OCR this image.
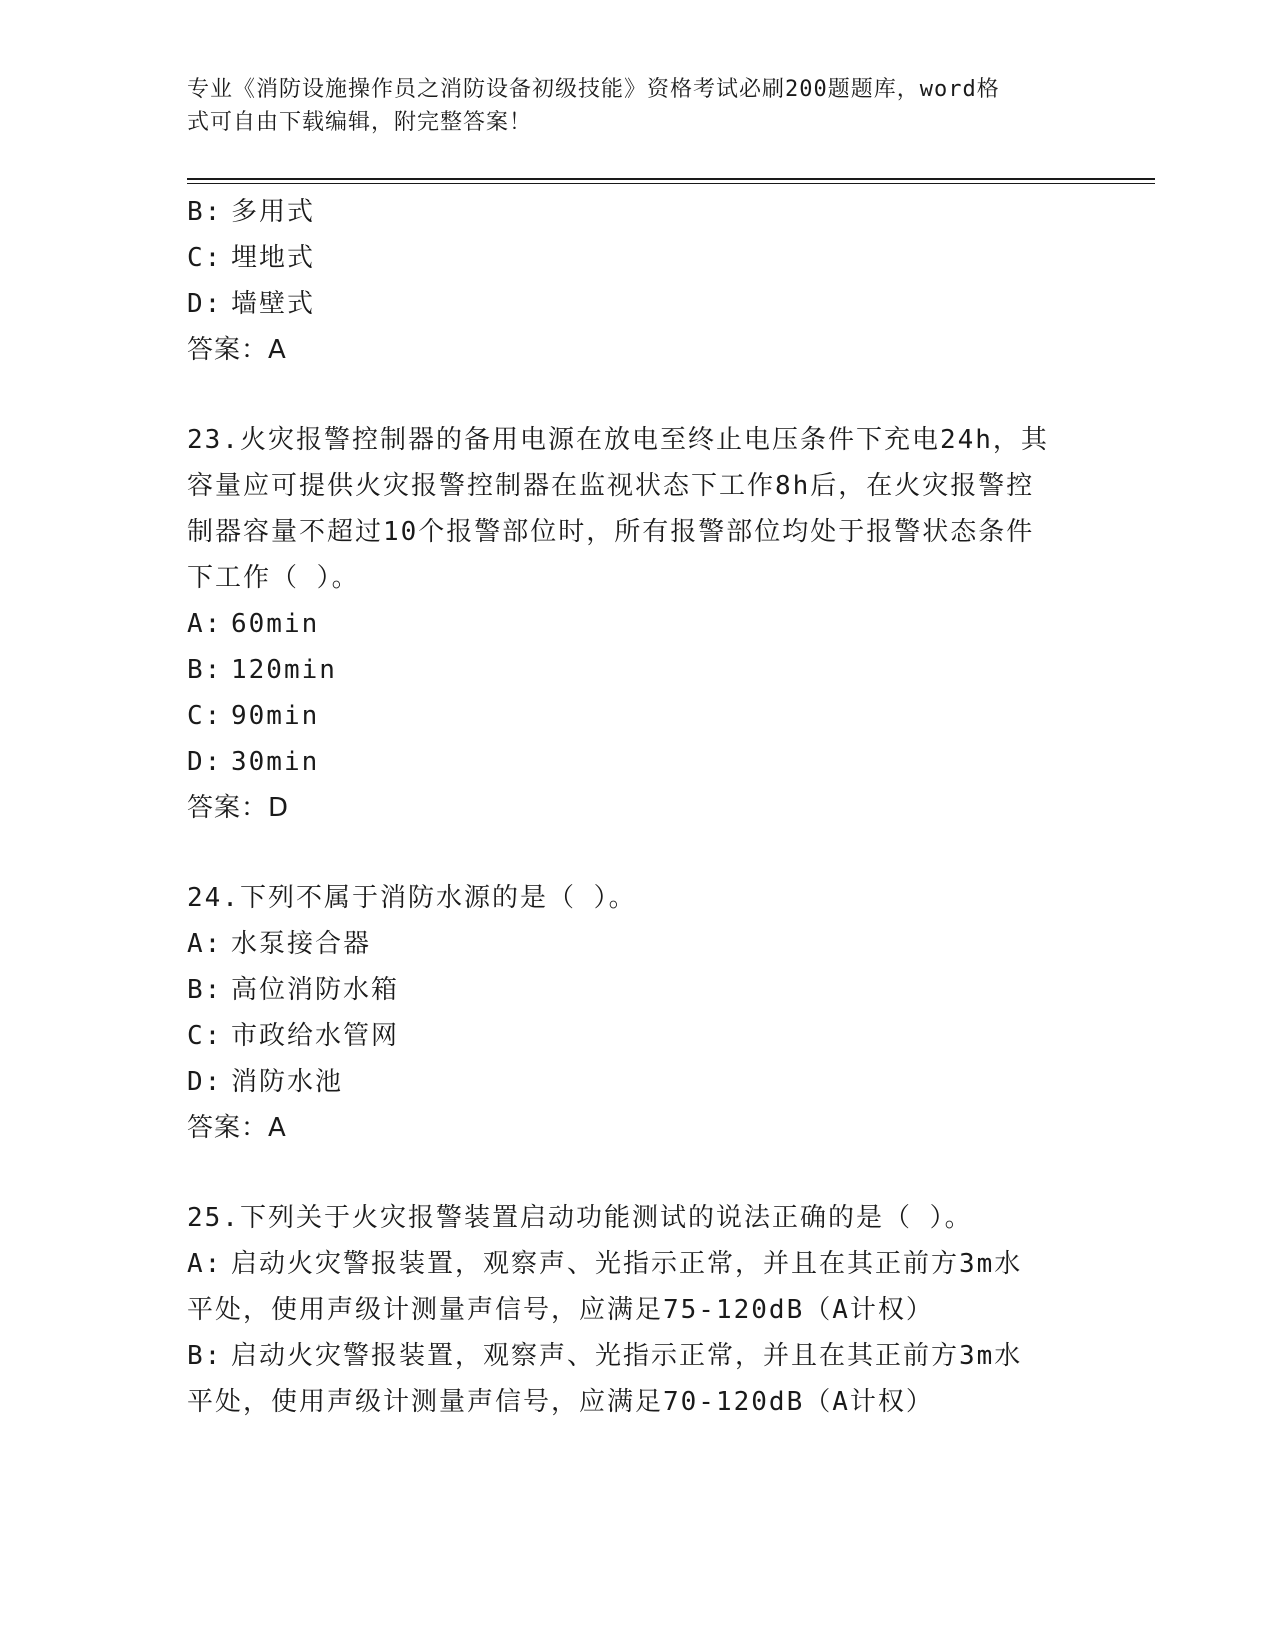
专业《消防设施操作员之消防设备初级技能》资格考试必刷200题题库，word格
式可自由下载编辑，附完整答案！
B: 多用式
C: 埋地式
D: 墙壁式
答案：A
23.火灾报警控制器的备用电源在放电至终止电压条件下充电24h，其
容量应可提供火灾报警控制器在监视状态下工作8h后，在火灾报警控
制器容量不超过10个报警部位时，所有报警部位均处于报警状态条件
下工作（ ）。
A: 60min
B: 120min
C: 90min
D: 30min
答案：D
24.下列不属于消防水源的是（ ）。
A: 水泵接合器
B: 高位消防水箱
C: 市政给水管网
D: 消防水池
答案：A
25.下列关于火灾报警装置启动功能测试的说法正确的是（ ）。
A: 启动火灾警报装置，观察声、光指示正常，并且在其正前方3m水
平处，使用声级计测量声信号，应满足75-120dB（A计权）
B: 启动火灾警报装置，观察声、光指示正常，并且在其正前方3m水
平处，使用声级计测量声信号，应满足70-120dB（A计权）
